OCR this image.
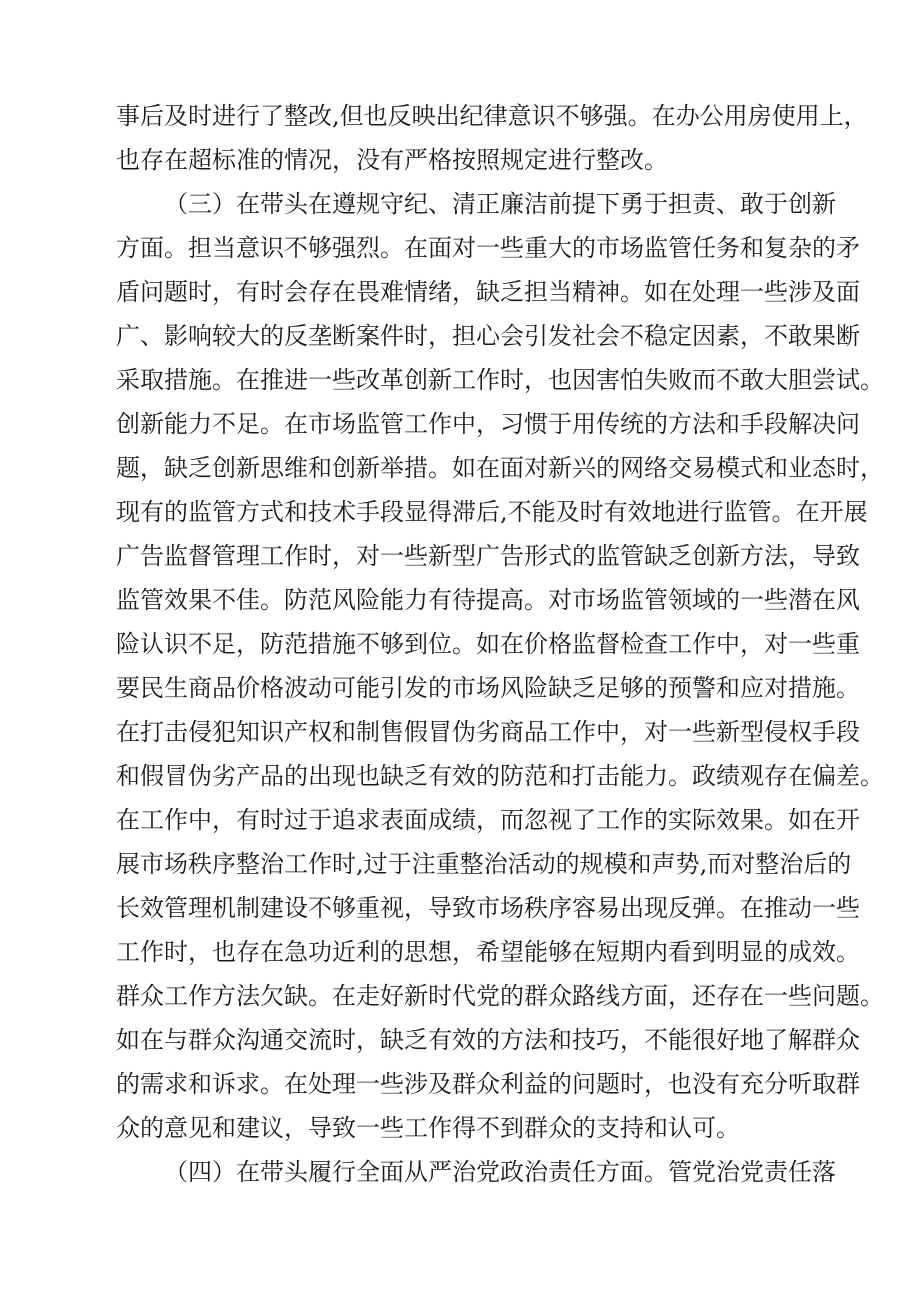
事后及时进行了整改,但也反映出纪律意识不够强。在办公用房使用上，
也存在超标准的情况，没有严格按照规定进行整改。
（三）在带头在遵规守纪、清正廉洁前提下勇于担责、敢于创新
方面。担当意识不够强烈。在面对一些重大的市场监管任务和复杂的矛
盾问题时，有时会存在畏难情绪，缺乏担当精神。如在处理一些涉及面
广、影响较大的反垄断案件时，担心会引发社会不稳定因素，不敢果断
采取措施。在推进一些改革创新工作时，也因害怕失败而不敢大胆尝试。
创新能力不足。在市场监管工作中，习惯于用传统的方法和手段解决问
题，缺乏创新思维和创新举措。如在面对新兴的网络交易模式和业态时，
现有的监管方式和技术手段显得滞后,不能及时有效地进行监管。在开展
广告监督管理工作时，对一些新型广告形式的监管缺乏创新方法，导致
监管效果不佳。防范风险能力有待提高。对市场监管领域的一些潜在风
险认识不足，防范措施不够到位。如在价格监督检查工作中，对一些重
要民生商品价格波动可能引发的市场风险缺乏足够的预警和应对措施。
在打击侵犯知识产权和制售假冒伪劣商品工作中，对一些新型侵权手段
和假冒伪劣产品的出现也缺乏有效的防范和打击能力。政绩观存在偏差。
在工作中，有时过于追求表面成绩，而忽视了工作的实际效果。如在开
展市场秩序整治工作时,过于注重整治活动的规模和声势,而对整治后的
长效管理机制建设不够重视，导致市场秩序容易出现反弹。在推动一些
工作时，也存在急功近利的思想，希望能够在短期内看到明显的成效。
群众工作方法欠缺。在走好新时代党的群众路线方面，还存在一些问题。
如在与群众沟通交流时，缺乏有效的方法和技巧，不能很好地了解群众
的需求和诉求。在处理一些涉及群众利益的问题时，也没有充分听取群
众的意见和建议，导致一些工作得不到群众的支持和认可。
（四）在带头履行全面从严治党政治责任方面。管党治党责任落
